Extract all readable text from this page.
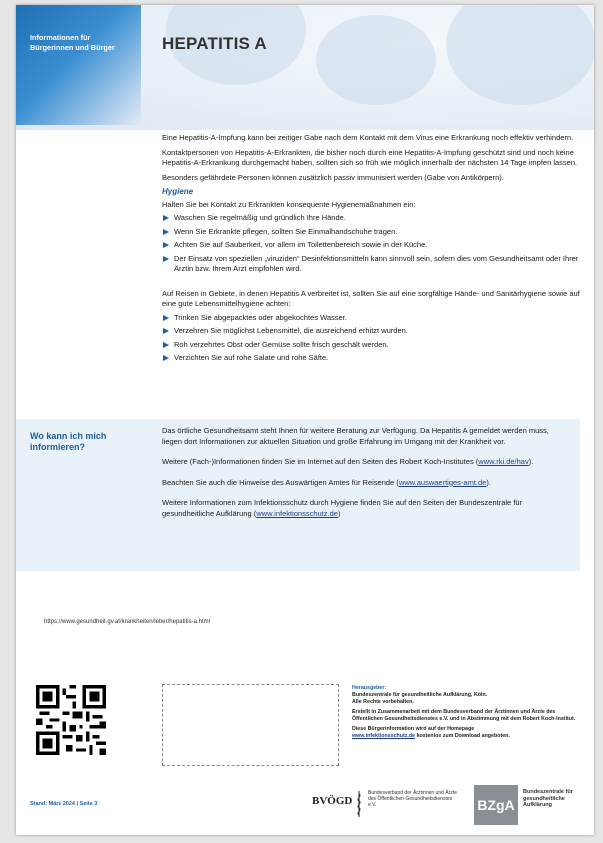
Informationen für
Bürgerinnen und Bürger	HEPATITIS A

Eine Hepatitis-A-Impfung kann bei zeitiger Gabe nach dem Kontakt mit dem Virus eine Erkrankung noch effektiv verhindern.

Kontaktpersonen von Hepatitis-A-Erkrankten, die bisher noch durch eine Hepatitis-A-Impfung geschützt sind und noch keine Hepatitis-A-Erkrankung durchgemacht haben, sollten sich so früh wie möglich innerhalb der nächsten 14 Tage impfen lassen.

Besonders gefährdete Personen können zusätzlich passiv immunisiert werden (Gabe von Antikörpern).

Hygiene

Halten Sie bei Kontakt zu Erkrankten konsequente Hygienemaßnahmen ein:

Waschen Sie regelmäßig und gründlich Ihre Hände.
Wenn Sie Erkrankte pflegen, sollten Sie Einmalhandschuhe tragen.
Achten Sie auf Sauberkeit, vor allem im Toilettenbereich sowie in der Küche.
Der Einsatz von speziellen „viruziden“ Desinfektionsmitteln kann sinnvoll sein, sofern dies vom Gesundheitsamt oder Ihrer Ärztin bzw. Ihrem Arzt empfohlen wird.

Auf Reisen in Gebiete, in denen Hepatitis A verbreitet ist, sollten Sie auf eine sorgfältige Hände- und Sanitärhygiene sowie auf eine gute Lebensmittelhygiene achten:

Trinken Sie abgepacktes oder abgekochtes Wasser.
Verzehren Sie möglichst Lebensmittel, die ausreichend erhitzt wurden.
Roh verzehrtes Obst oder Gemüse sollte frisch geschält werden.
Verzichten Sie auf rohe Salate und rohe Säfte.
Wo kann ich mich informieren?

Das örtliche Gesundheitsamt steht Ihnen für weitere Beratung zur Verfügung. Da Hepatitis A gemeldet werden muss, liegen dort Informationen zur aktuellen Situation und große Erfahrung im Umgang mit der Krankheit vor.

Weitere (Fach-)Informationen finden Sie im Internet auf den Seiten des Robert Koch-Institutes (www.rki.de/hav).

Beachten Sie auch die Hinweise des Auswärtigen Amtes für Reisende (www.auswaertiges-amt.de).

Weitere Informationen zum Infektionsschutz durch Hygiene finden Sie auf den Seiten der Bundeszentrale für gesundheitliche Aufklärung (www.infektionsschutz.de)

https://www.gesundheit.gv.at/krankheiten/leber/hepatitis-a.html
Herausgeber:

Bundeszentrale für gesundheitliche Aufklärung, Köln.

Alle Rechte vorbehalten.

Erstellt in Zusammenarbeit mit dem Bundesverband der Ärztinnen und Ärzte des Öffentlichen Gesundheitsdienstes e.V. und in Abstimmung mit dem Robert Koch-Institut.

Diese Bürgerinformation wird auf der Homepage
www.infektionsschutz.de kostenlos zum Download angeboten.

Stand: März 2024 | Seite 3	BVÖGD
Bundesverband der Ärztinnen und Ärzte des Öffentlichen Gesundheitsdienstes e.V.	BZgA
Bundeszentrale für gesundheitliche Aufklärung
